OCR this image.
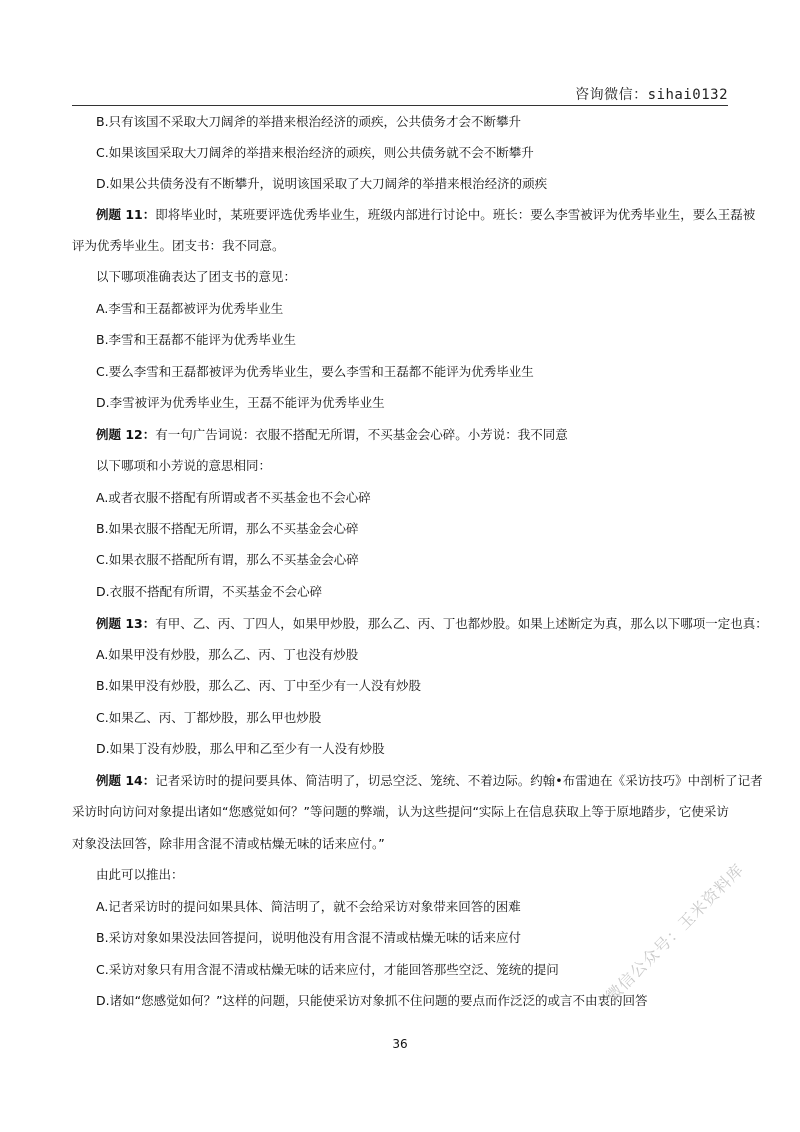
咨询微信：sihai0132
B.只有该国不采取大刀阔斧的举措来根治经济的顽疾，公共债务才会不断攀升
C.如果该国采取大刀阔斧的举措来根治经济的顽疾，则公共债务就不会不断攀升
D.如果公共债务没有不断攀升，说明该国采取了大刀阔斧的举措来根治经济的顽疾
例题 11：即将毕业时，某班要评选优秀毕业生，班级内部进行讨论中。班长：要么李雪被评为优秀毕业生，要么王磊被
评为优秀毕业生。团支书：我不同意。
以下哪项准确表达了团支书的意见：
A.李雪和王磊都被评为优秀毕业生
B.李雪和王磊都不能评为优秀毕业生
C.要么李雪和王磊都被评为优秀毕业生，要么李雪和王磊都不能评为优秀毕业生
D.李雪被评为优秀毕业生，王磊不能评为优秀毕业生
例题 12：有一句广告词说：衣服不搭配无所谓，不买基金会心碎。小芳说：我不同意
以下哪项和小芳说的意思相同：
A.或者衣服不搭配有所谓或者不买基金也不会心碎
B.如果衣服不搭配无所谓，那么不买基金会心碎
C.如果衣服不搭配所有谓，那么不买基金会心碎
D.衣服不搭配有所谓，不买基金不会心碎
例题 13：有甲、乙、丙、丁四人，如果甲炒股，那么乙、丙、丁也都炒股。如果上述断定为真，那么以下哪项一定也真：
A.如果甲没有炒股，那么乙、丙、丁也没有炒股
B.如果甲没有炒股，那么乙、丙、丁中至少有一人没有炒股
C.如果乙、丙、丁都炒股，那么甲也炒股
D.如果丁没有炒股，那么甲和乙至少有一人没有炒股
例题 14：记者采访时的提问要具体、简洁明了，切忌空泛、笼统、不着边际。约翰•布雷迪在《采访技巧》中剖析了记者
采访时向访问对象提出诸如“您感觉如何？”等问题的弊端，认为这些提问“实际上在信息获取上等于原地踏步，它使采访
对象没法回答，除非用含混不清或枯燥无味的话来应付。”
由此可以推出：
A.记者采访时的提问如果具体、简洁明了，就不会给采访对象带来回答的困难
B.采访对象如果没法回答提问，说明他没有用含混不清或枯燥无味的话来应付
C.采访对象只有用含混不清或枯燥无味的话来应付，才能回答那些空泛、笼统的提问
D.诸如“您感觉如何？”这样的问题，只能使采访对象抓不住问题的要点而作泛泛的或言不由衷的回答
微信公众号：玉米资料库
36
